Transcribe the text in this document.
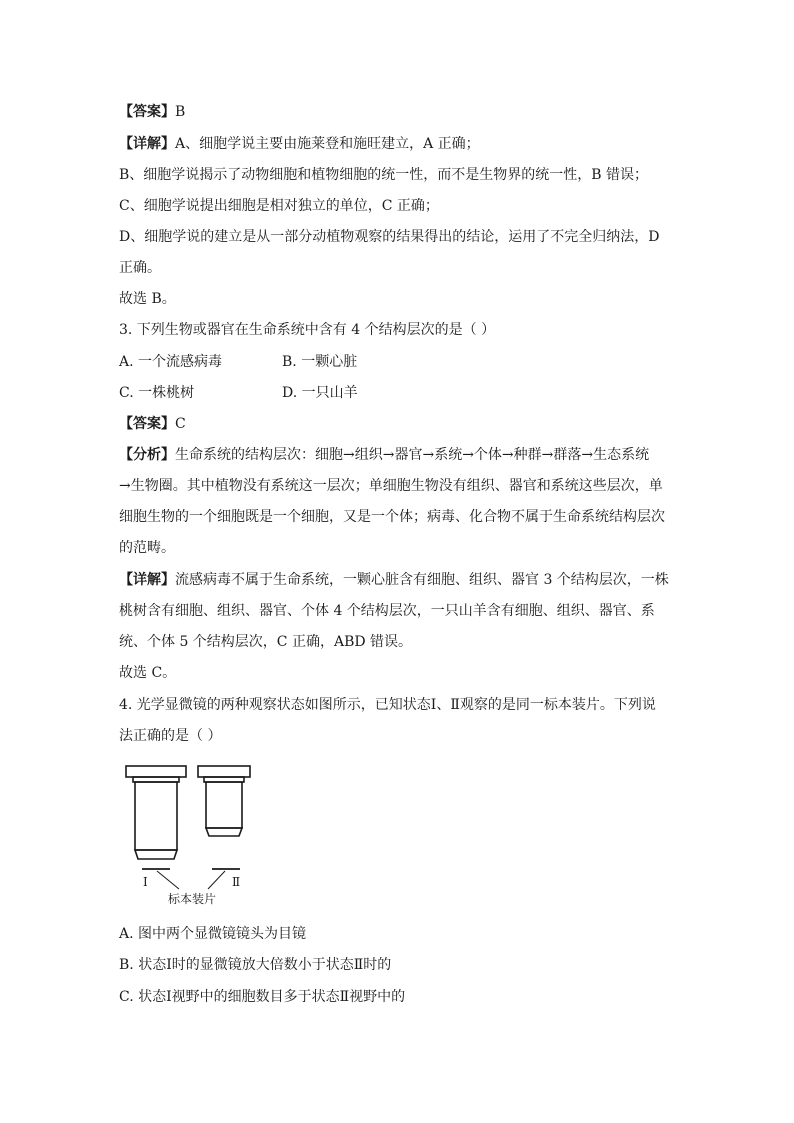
【答案】B
【详解】A、细胞学说主要由施莱登和施旺建立，A 正确；
B、细胞学说揭示了动物细胞和植物细胞的统一性，而不是生物界的统一性，B 错误；
C、细胞学说提出细胞是相对独立的单位，C 正确；
D、细胞学说的建立是从一部分动植物观察的结果得出的结论，运用了不完全归纳法，D
正确。
故选 B。
3. 下列生物或器官在生命系统中含有 4 个结构层次的是（ ）
A. 一个流感病毒	B. 一颗心脏
C. 一株桃树	D. 一只山羊
【答案】C
【分析】生命系统的结构层次：细胞→组织→器官→系统→个体→种群→群落→生态系统
→生物圈。其中植物没有系统这一层次；单细胞生物没有组织、器官和系统这些层次，单
细胞生物的一个细胞既是一个细胞，又是一个体；病毒、化合物不属于生命系统结构层次
的范畴。
【详解】流感病毒不属于生命系统，一颗心脏含有细胞、组织、器官 3 个结构层次，一株
桃树含有细胞、组织、器官、个体 4 个结构层次，一只山羊含有细胞、组织、器官、系
统、个体 5 个结构层次，C 正确，ABD 错误。
故选 C。
4. 光学显微镜的两种观察状态如图所示，已知状态Ⅰ、Ⅱ观察的是同一标本装片。下列说
法正确的是（ ）
Ⅰ	Ⅱ
标本装片
A. 图中两个显微镜镜头为目镜
B. 状态Ⅰ时的显微镜放大倍数小于状态Ⅱ时的
C. 状态Ⅰ视野中的细胞数目多于状态Ⅱ视野中的
